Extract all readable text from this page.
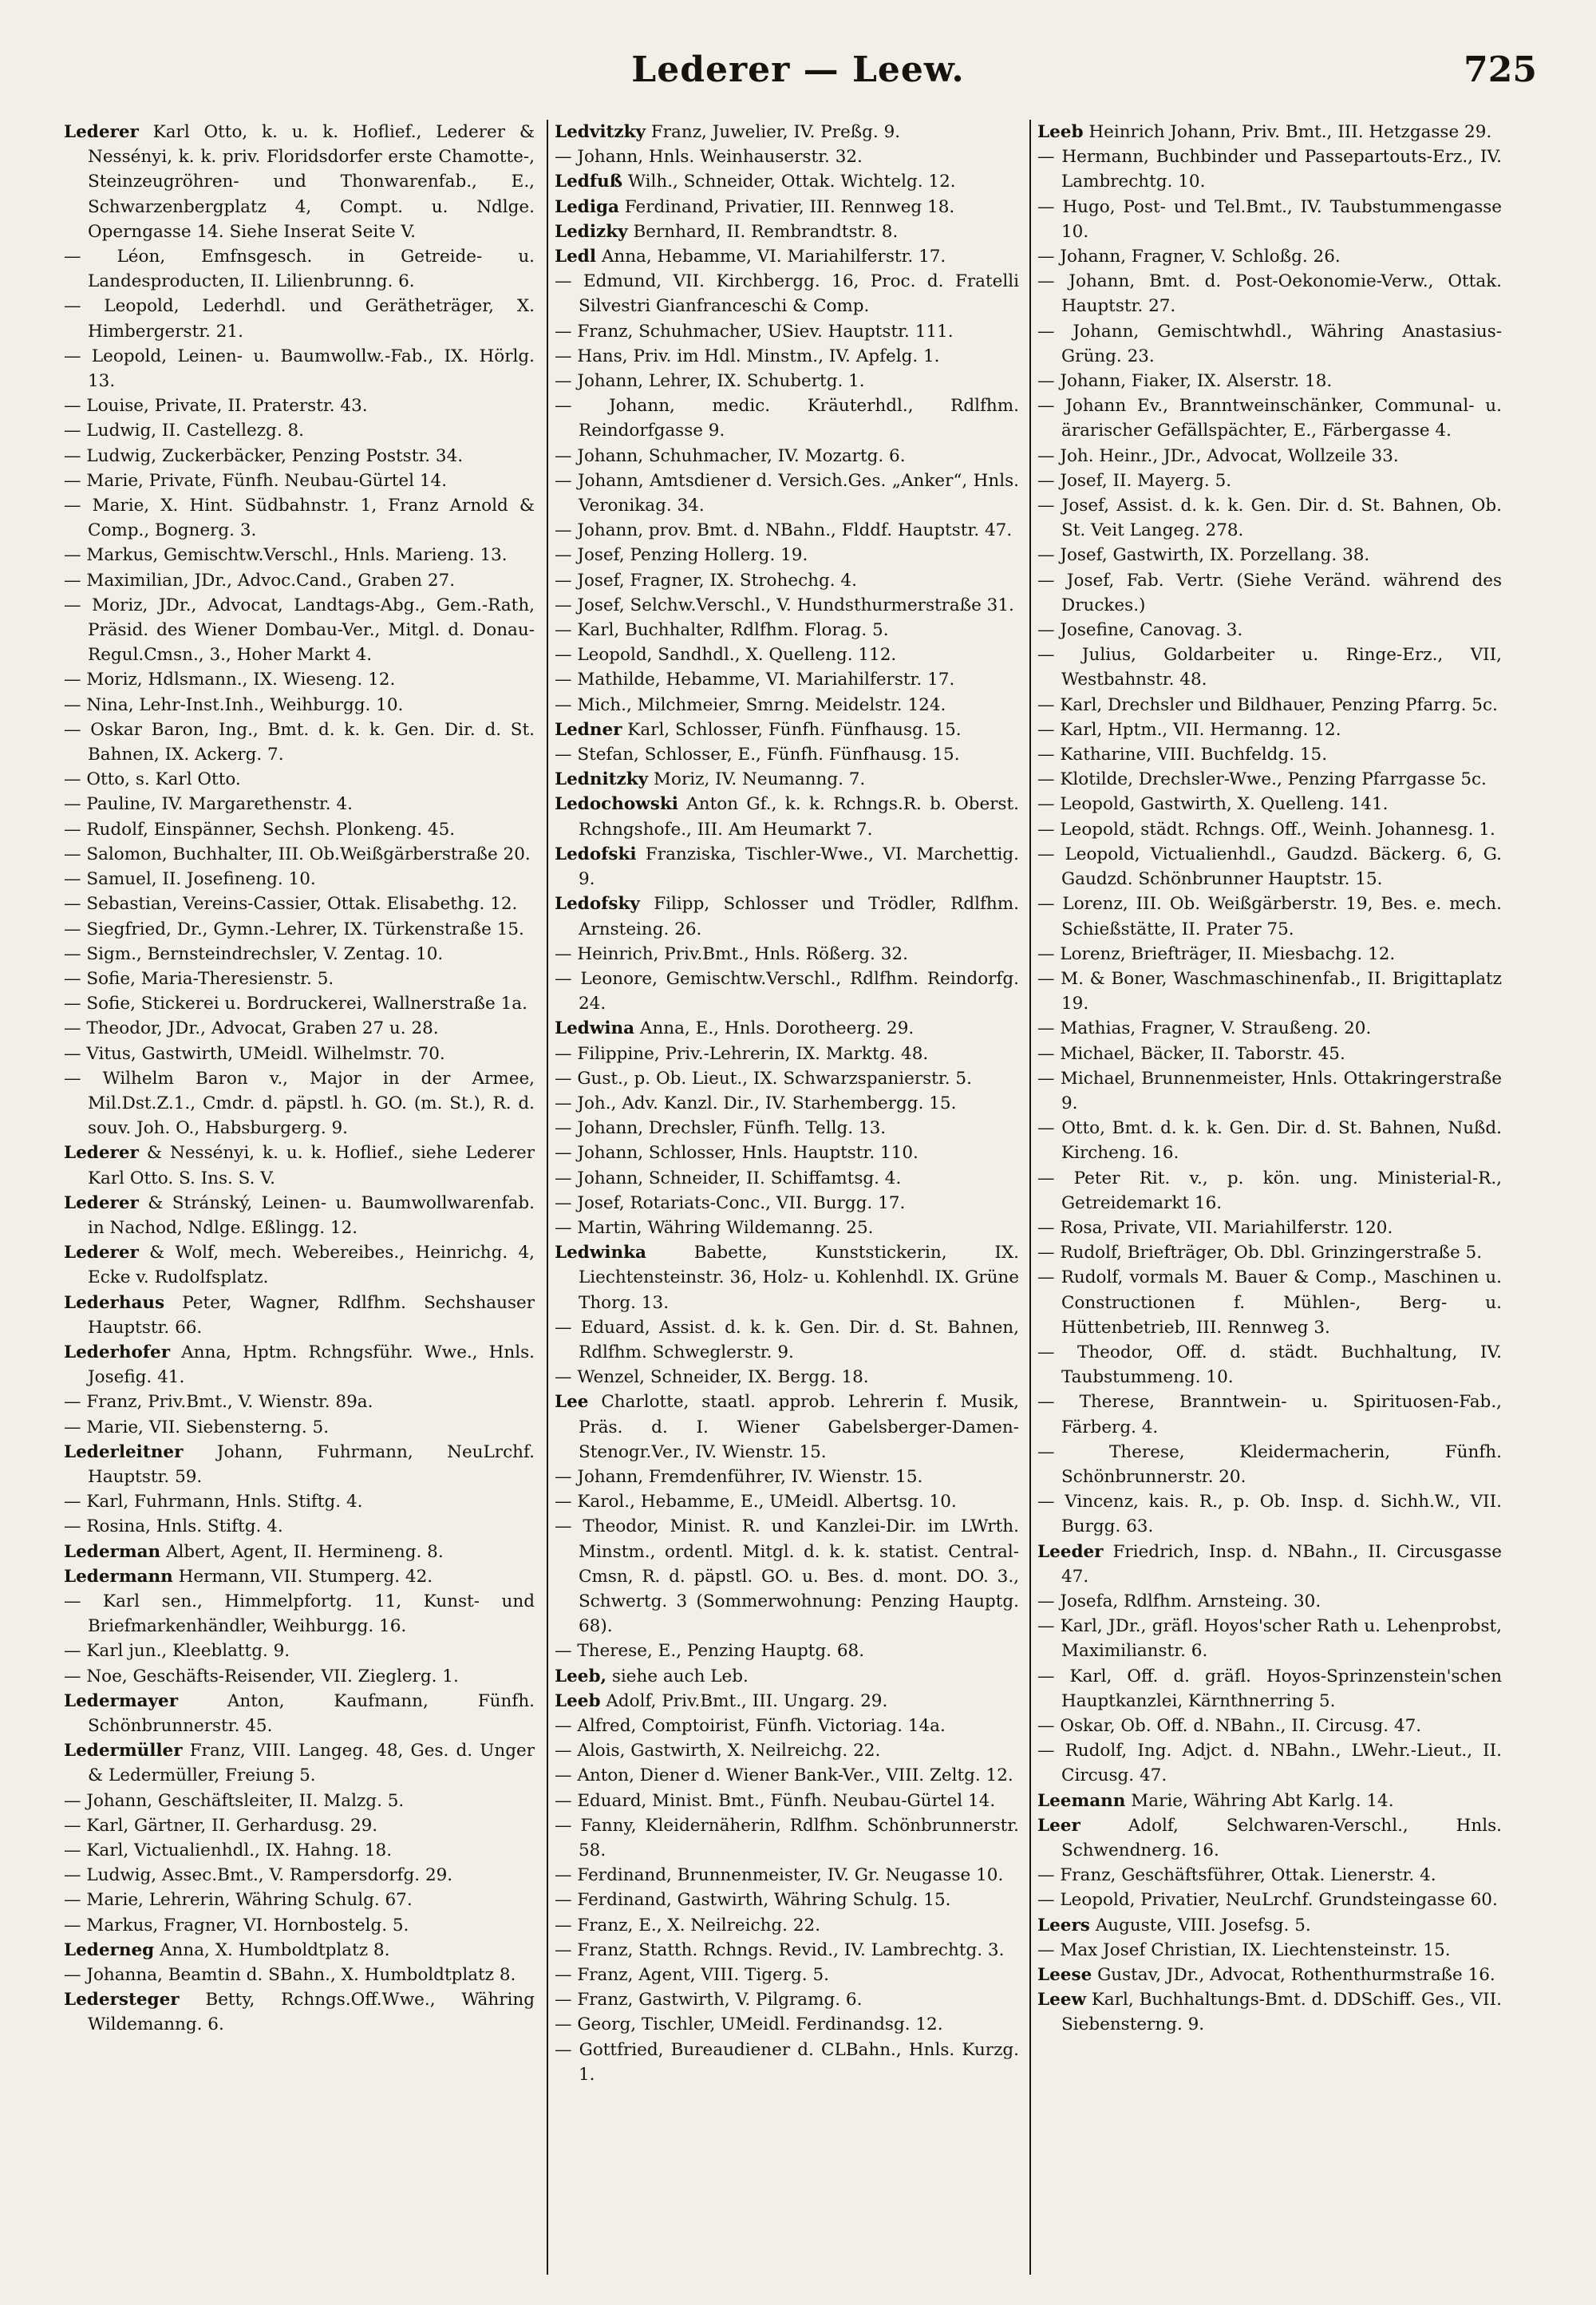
Lederer — Leew.	725

Lederer Karl Otto, k. u. k. Hoflief., Lederer & Nessényi, k. k. priv. Floridsdorfer erste Chamotte-, Steinzeugröhren- und Thonwarenfab., E., Schwarzenbergplatz 4, Compt. u. Ndlge. Operngasse 14. Siehe Inserat Seite V.

— Léon, Emfnsgesch. in Getreide- u. Landesproducten, II. Lilienbrunng. 6.

— Leopold, Lederhdl. und Gerätheträger, X. Himbergerstr. 21.

— Leopold, Leinen- u. Baumwollw.-Fab., IX. Hörlg. 13.

— Louise, Private, II. Praterstr. 43.

— Ludwig, II. Castellezg. 8.

— Ludwig, Zuckerbäcker, Penzing Poststr. 34.

— Marie, Private, Fünfh. Neubau-Gürtel 14.

— Marie, X. Hint. Südbahnstr. 1, Franz Arnold & Comp., Bognerg. 3.

— Markus, Gemischtw.Verschl., Hnls. Marieng. 13.

— Maximilian, JDr., Advoc.Cand., Graben 27.

— Moriz, JDr., Advocat, Landtags-Abg., Gem.-Rath, Präsid. des Wiener Dombau-Ver., Mitgl. d. Donau-Regul.Cmsn., 3., Hoher Markt 4.

— Moriz, Hdlsmann., IX. Wieseng. 12.

— Nina, Lehr-Inst.Inh., Weihburgg. 10.

— Oskar Baron, Ing., Bmt. d. k. k. Gen. Dir. d. St. Bahnen, IX. Ackerg. 7.

— Otto, s. Karl Otto.

— Pauline, IV. Margarethenstr. 4.

— Rudolf, Einspänner, Sechsh. Plonkeng. 45.

— Salomon, Buchhalter, III. Ob.Weißgärberstraße 20.

— Samuel, II. Josefineng. 10.

— Sebastian, Vereins-Cassier, Ottak. Elisabethg. 12.

— Siegfried, Dr., Gymn.-Lehrer, IX. Türkenstraße 15.

— Sigm., Bernsteindrechsler, V. Zentag. 10.

— Sofie, Maria-Theresienstr. 5.

— Sofie, Stickerei u. Bordruckerei, Wallnerstraße 1a.

— Theodor, JDr., Advocat, Graben 27 u. 28.

— Vitus, Gastwirth, UMeidl. Wilhelmstr. 70.

— Wilhelm Baron v., Major in der Armee, Mil.Dst.Z.1., Cmdr. d. päpstl. h. GO. (m. St.), R. d. souv. Joh. O., Habsburgerg. 9.

Lederer & Nessényi, k. u. k. Hoflief., siehe Lederer Karl Otto. S. Ins. S. V.

Lederer & Stránský, Leinen- u. Baumwollwarenfab. in Nachod, Ndlge. Eßlingg. 12.

Lederer & Wolf, mech. Webereibes., Heinrichg. 4, Ecke v. Rudolfsplatz.

Lederhaus Peter, Wagner, Rdlfhm. Sechshauser Hauptstr. 66.

Lederhofer Anna, Hptm. Rchngsführ. Wwe., Hnls. Josefig. 41.

— Franz, Priv.Bmt., V. Wienstr. 89a.

— Marie, VII. Siebensterng. 5.

Lederleitner Johann, Fuhrmann, NeuLrchf. Hauptstr. 59.

— Karl, Fuhrmann, Hnls. Stiftg. 4.

— Rosina, Hnls. Stiftg. 4.

Lederman Albert, Agent, II. Hermineng. 8.

Ledermann Hermann, VII. Stumperg. 42.

— Karl sen., Himmelpfortg. 11, Kunst- und Briefmarkenhändler, Weihburgg. 16.

— Karl jun., Kleeblattg. 9.

— Noe, Geschäfts-Reisender, VII. Zieglerg. 1.

Ledermayer Anton, Kaufmann, Fünfh. Schönbrunnerstr. 45.

Ledermüller Franz, VIII. Langeg. 48, Ges. d. Unger & Ledermüller, Freiung 5.

— Johann, Geschäftsleiter, II. Malzg. 5.

— Karl, Gärtner, II. Gerhardusg. 29.

— Karl, Victualienhdl., IX. Hahng. 18.

— Ludwig, Assec.Bmt., V. Rampersdorfg. 29.

— Marie, Lehrerin, Währing Schulg. 67.

— Markus, Fragner, VI. Hornbostelg. 5.

Lederneg Anna, X. Humboldtplatz 8.

— Johanna, Beamtin d. SBahn., X. Humboldtplatz 8.

Ledersteger Betty, Rchngs.Off.Wwe., Währing Wildemanng. 6.

Ledvitzky Franz, Juwelier, IV. Preßg. 9.

— Johann, Hnls. Weinhauserstr. 32.

Ledfuß Wilh., Schneider, Ottak. Wichtelg. 12.

Lediga Ferdinand, Privatier, III. Rennweg 18.

Ledizky Bernhard, II. Rembrandtstr. 8.

Ledl Anna, Hebamme, VI. Mariahilferstr. 17.

— Edmund, VII. Kirchbergg. 16, Proc. d. Fratelli Silvestri Gianfranceschi & Comp.

— Franz, Schuhmacher, USiev. Hauptstr. 111.

— Hans, Priv. im Hdl. Minstm., IV. Apfelg. 1.

— Johann, Lehrer, IX. Schubertg. 1.

— Johann, medic. Kräuterhdl., Rdlfhm. Reindorfgasse 9.

— Johann, Schuhmacher, IV. Mozartg. 6.

— Johann, Amtsdiener d. Versich.Ges. „Anker“, Hnls. Veronikag. 34.

— Johann, prov. Bmt. d. NBahn., Flddf. Hauptstr. 47.

— Josef, Penzing Hollerg. 19.

— Josef, Fragner, IX. Strohechg. 4.

— Josef, Selchw.Verschl., V. Hundsthurmerstraße 31.

— Karl, Buchhalter, Rdlfhm. Florag. 5.

— Leopold, Sandhdl., X. Quelleng. 112.

— Mathilde, Hebamme, VI. Mariahilferstr. 17.

— Mich., Milchmeier, Smrng. Meidelstr. 124.

Ledner Karl, Schlosser, Fünfh. Fünfhausg. 15.

— Stefan, Schlosser, E., Fünfh. Fünfhausg. 15.

Lednitzky Moriz, IV. Neumanng. 7.

Ledochowski Anton Gf., k. k. Rchngs.R. b. Oberst. Rchngshofe., III. Am Heumarkt 7.

Ledofski Franziska, Tischler-Wwe., VI. Marchettig. 9.

Ledofsky Filipp, Schlosser und Trödler, Rdlfhm. Arnsteing. 26.

— Heinrich, Priv.Bmt., Hnls. Rößerg. 32.

— Leonore, Gemischtw.Verschl., Rdlfhm. Reindorfg. 24.

Ledwina Anna, E., Hnls. Dorotheerg. 29.

— Filippine, Priv.-Lehrerin, IX. Marktg. 48.

— Gust., p. Ob. Lieut., IX. Schwarzspanierstr. 5.

— Joh., Adv. Kanzl. Dir., IV. Starhembergg. 15.

— Johann, Drechsler, Fünfh. Tellg. 13.

— Johann, Schlosser, Hnls. Hauptstr. 110.

— Johann, Schneider, II. Schiffamtsg. 4.

— Josef, Rotariats-Conc., VII. Burgg. 17.

— Martin, Währing Wildemanng. 25.

Ledwinka Babette, Kunststickerin, IX. Liechtensteinstr. 36, Holz- u. Kohlenhdl. IX. Grüne Thorg. 13.

— Eduard, Assist. d. k. k. Gen. Dir. d. St. Bahnen, Rdlfhm. Schweglerstr. 9.

— Wenzel, Schneider, IX. Bergg. 18.

Lee Charlotte, staatl. approb. Lehrerin f. Musik, Präs. d. I. Wiener Gabelsberger-Damen-Stenogr.Ver., IV. Wienstr. 15.

— Johann, Fremdenführer, IV. Wienstr. 15.

— Karol., Hebamme, E., UMeidl. Albertsg. 10.

— Theodor, Minist. R. und Kanzlei-Dir. im LWrth. Minstm., ordentl. Mitgl. d. k. k. statist. Central-Cmsn, R. d. päpstl. GO. u. Bes. d. mont. DO. 3., Schwertg. 3 (Sommerwohnung: Penzing Hauptg. 68).

— Therese, E., Penzing Hauptg. 68.

Leeb, siehe auch Leb.

Leeb Adolf, Priv.Bmt., III. Ungarg. 29.

— Alfred, Comptoirist, Fünfh. Victoriag. 14a.

— Alois, Gastwirth, X. Neilreichg. 22.

— Anton, Diener d. Wiener Bank-Ver., VIII. Zeltg. 12.

— Eduard, Minist. Bmt., Fünfh. Neubau-Gürtel 14.

— Fanny, Kleidernäherin, Rdlfhm. Schönbrunnerstr. 58.

— Ferdinand, Brunnenmeister, IV. Gr. Neugasse 10.

— Ferdinand, Gastwirth, Währing Schulg. 15.

— Franz, E., X. Neilreichg. 22.

— Franz, Statth. Rchngs. Revid., IV. Lambrechtg. 3.

— Franz, Agent, VIII. Tigerg. 5.

— Franz, Gastwirth, V. Pilgramg. 6.

— Georg, Tischler, UMeidl. Ferdinandsg. 12.

— Gottfried, Bureaudiener d. CLBahn., Hnls. Kurzg. 1.

Leeb Heinrich Johann, Priv. Bmt., III. Hetzgasse 29.

— Hermann, Buchbinder und Passepartouts-Erz., IV. Lambrechtg. 10.

— Hugo, Post- und Tel.Bmt., IV. Taubstummengasse 10.

— Johann, Fragner, V. Schloßg. 26.

— Johann, Bmt. d. Post-Oekonomie-Verw., Ottak. Hauptstr. 27.

— Johann, Gemischtwhdl., Währing Anastasius-Grüng. 23.

— Johann, Fiaker, IX. Alserstr. 18.

— Johann Ev., Branntweinschänker, Communal- u. ärarischer Gefällspächter, E., Färbergasse 4.

— Joh. Heinr., JDr., Advocat, Wollzeile 33.

— Josef, II. Mayerg. 5.

— Josef, Assist. d. k. k. Gen. Dir. d. St. Bahnen, Ob. St. Veit Langeg. 278.

— Josef, Gastwirth, IX. Porzellang. 38.

— Josef, Fab. Vertr. (Siehe Veränd. während des Druckes.)

— Josefine, Canovag. 3.

— Julius, Goldarbeiter u. Ringe-Erz., VII, Westbahnstr. 48.

— Karl, Drechsler und Bildhauer, Penzing Pfarrg. 5c.

— Karl, Hptm., VII. Hermanng. 12.

— Katharine, VIII. Buchfeldg. 15.

— Klotilde, Drechsler-Wwe., Penzing Pfarrgasse 5c.

— Leopold, Gastwirth, X. Quelleng. 141.

— Leopold, städt. Rchngs. Off., Weinh. Johannesg. 1.

— Leopold, Victualienhdl., Gaudzd. Bäckerg. 6, G. Gaudzd. Schönbrunner Hauptstr. 15.

— Lorenz, III. Ob. Weißgärberstr. 19, Bes. e. mech. Schießstätte, II. Prater 75.

— Lorenz, Briefträger, II. Miesbachg. 12.

— M. & Boner, Waschmaschinenfab., II. Brigittaplatz 19.

— Mathias, Fragner, V. Straußeng. 20.

— Michael, Bäcker, II. Taborstr. 45.

— Michael, Brunnenmeister, Hnls. Ottakringerstraße 9.

— Otto, Bmt. d. k. k. Gen. Dir. d. St. Bahnen, Nußd. Kircheng. 16.

— Peter Rit. v., p. kön. ung. Ministerial-R., Getreidemarkt 16.

— Rosa, Private, VII. Mariahilferstr. 120.

— Rudolf, Briefträger, Ob. Dbl. Grinzingerstraße 5.

— Rudolf, vormals M. Bauer & Comp., Maschinen u. Constructionen f. Mühlen-, Berg- u. Hüttenbetrieb, III. Rennweg 3.

— Theodor, Off. d. städt. Buchhaltung, IV. Taubstummeng. 10.

— Therese, Branntwein- u. Spirituosen-Fab., Färberg. 4.

— Therese, Kleidermacherin, Fünfh. Schönbrunnerstr. 20.

— Vincenz, kais. R., p. Ob. Insp. d. Sichh.W., VII. Burgg. 63.

Leeder Friedrich, Insp. d. NBahn., II. Circusgasse 47.

— Josefa, Rdlfhm. Arnsteing. 30.

— Karl, JDr., gräfl. Hoyos'scher Rath u. Lehenprobst, Maximilianstr. 6.

— Karl, Off. d. gräfl. Hoyos-Sprinzenstein'schen Hauptkanzlei, Kärnthnerring 5.

— Oskar, Ob. Off. d. NBahn., II. Circusg. 47.

— Rudolf, Ing. Adjct. d. NBahn., LWehr.-Lieut., II. Circusg. 47.

Leemann Marie, Währing Abt Karlg. 14.

Leer Adolf, Selchwaren-Verschl., Hnls. Schwendnerg. 16.

— Franz, Geschäftsführer, Ottak. Lienerstr. 4.

— Leopold, Privatier, NeuLrchf. Grundsteingasse 60.

Leers Auguste, VIII. Josefsg. 5.

— Max Josef Christian, IX. Liechtensteinstr. 15.

Leese Gustav, JDr., Advocat, Rothenthurmstraße 16.

Leew Karl, Buchhaltungs-Bmt. d. DDSchiff. Ges., VII. Siebensterng. 9.
